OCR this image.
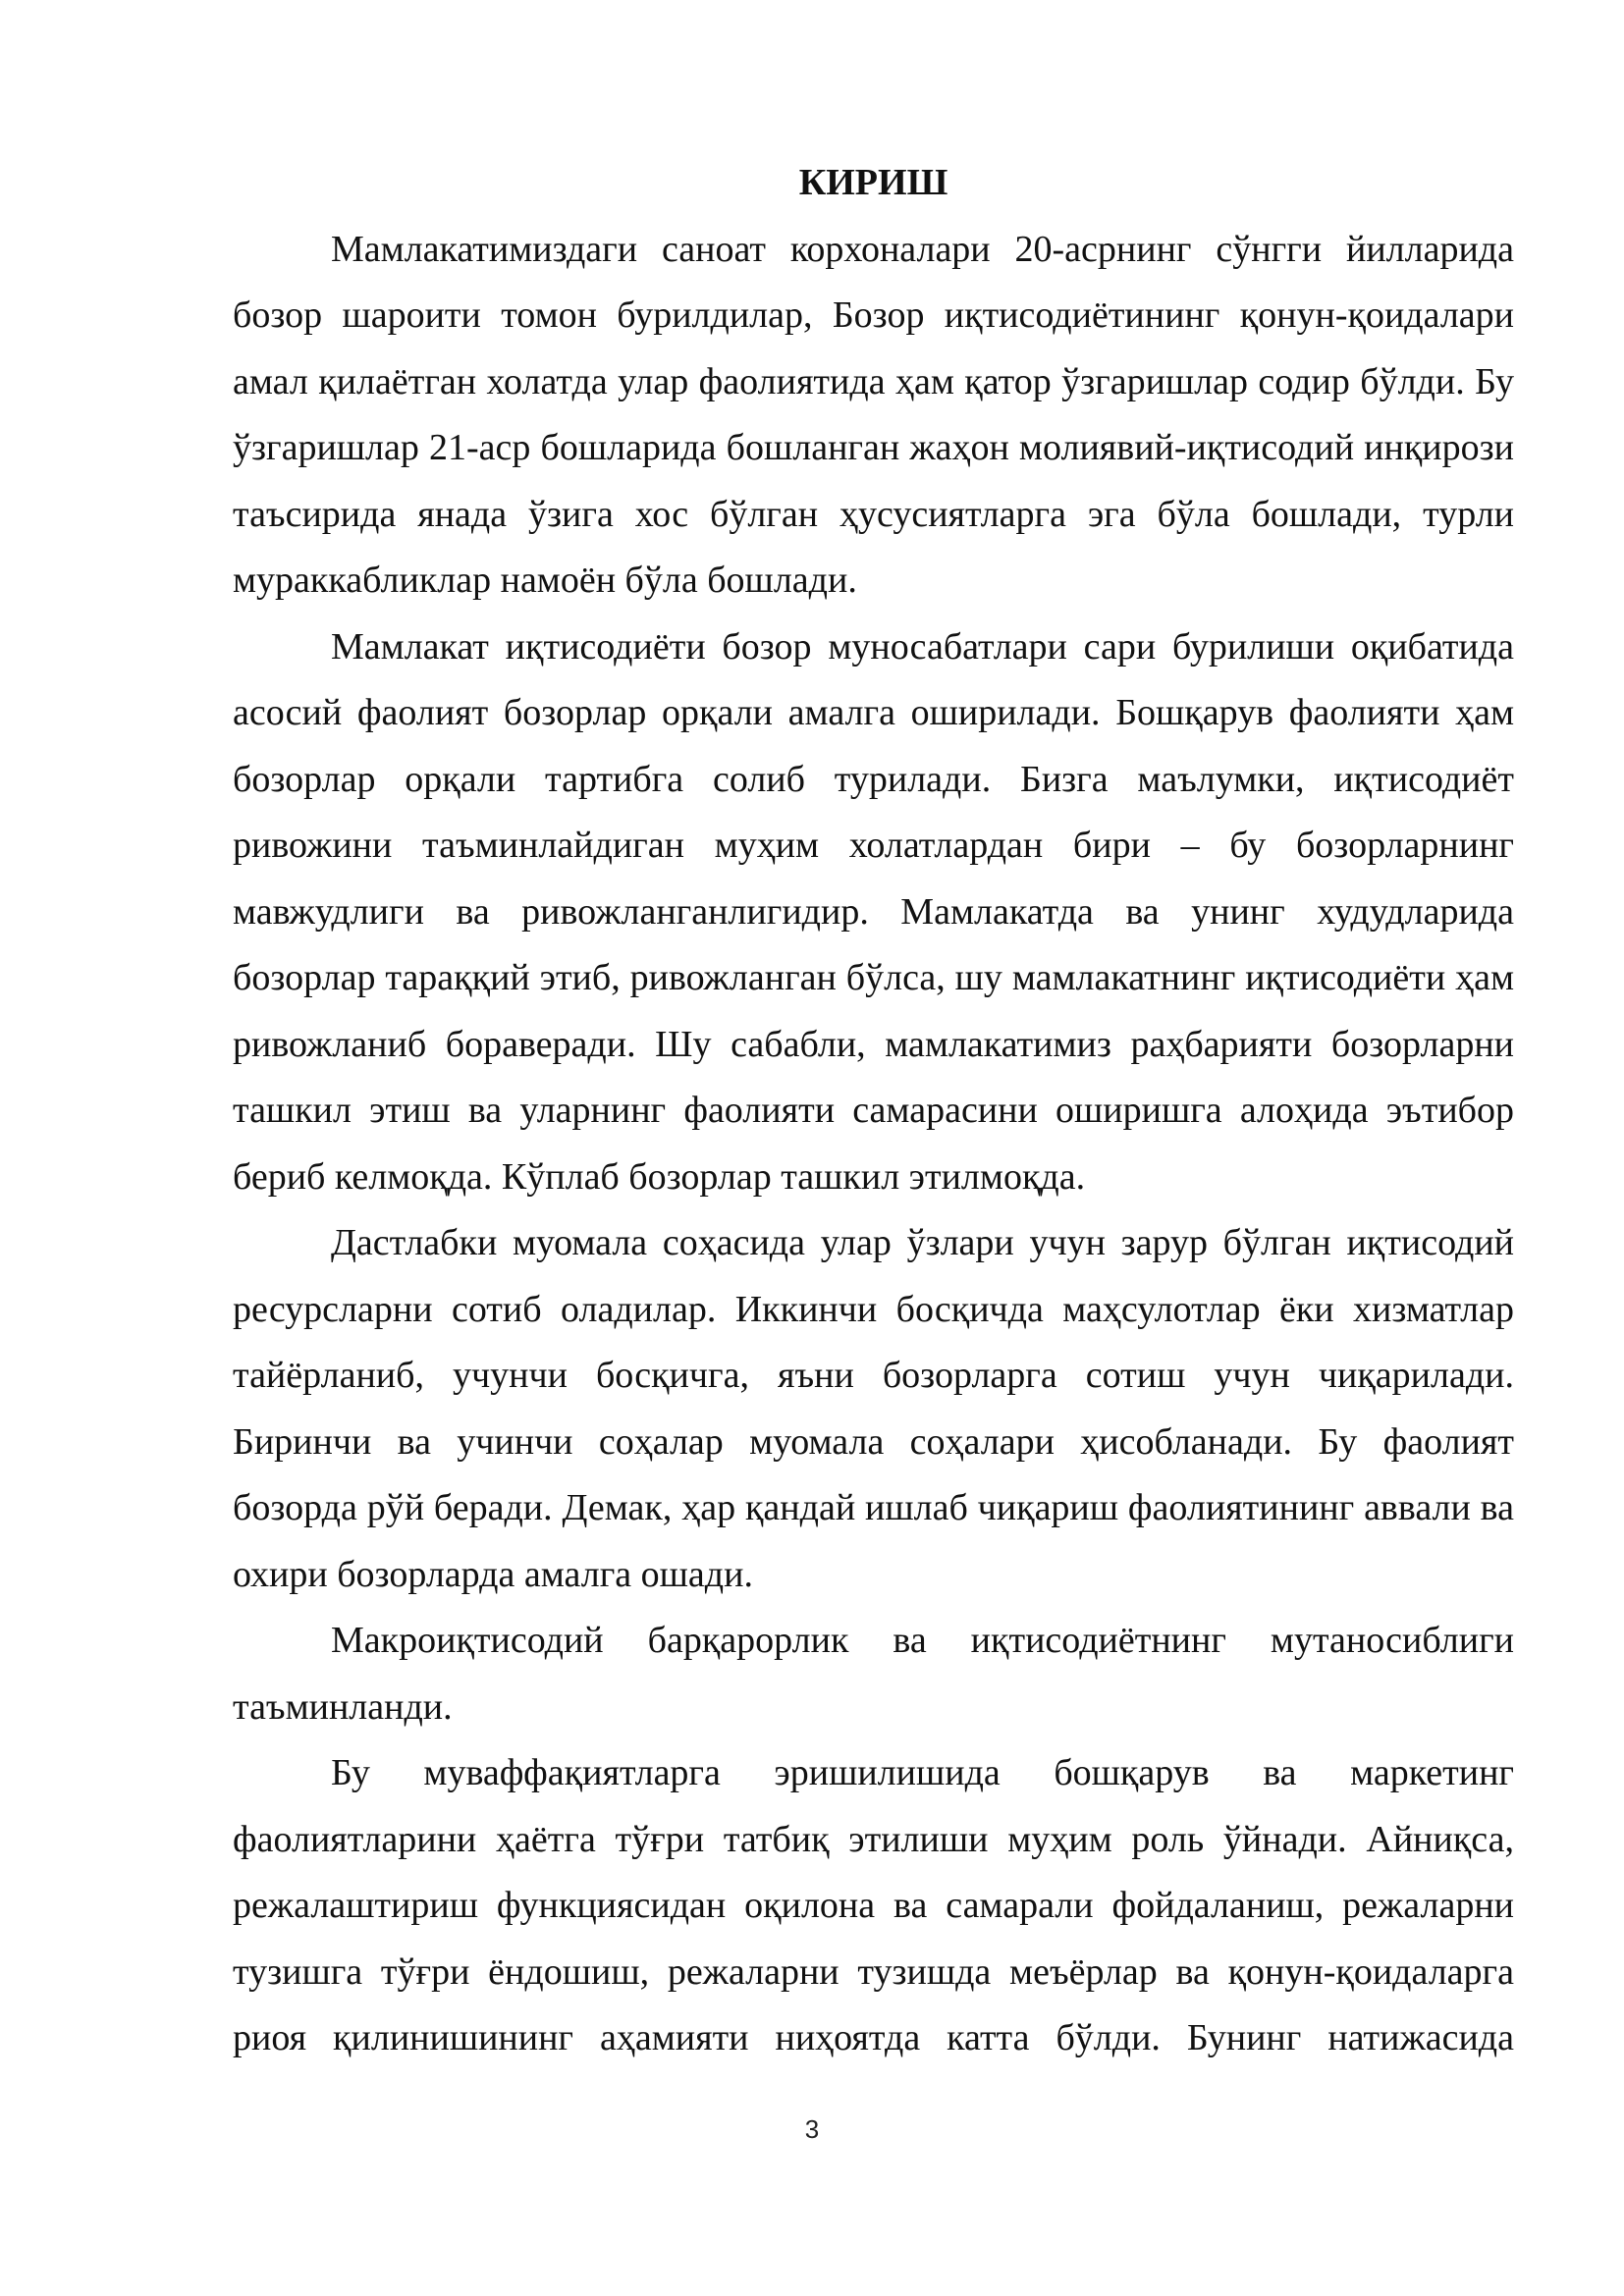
КИРИШ

Мамлакатимиздаги саноат корхоналари 20-асрнинг сўнгги йилларида бозор шароити томон бурилдилар, Бозор иқтисодиётининг қонун-қоидалари амал қилаётган холатда улар фаолиятида ҳам қатор ўзгаришлар содир бўлди. Бу ўзгаришлар 21-аср бошларида бошланган жаҳон молиявий-иқтисодий инқирози таъсирида янада ўзига хос бўлган ҳусусиятларга эга бўла бошлади, турли мураккабликлар намоён бўла бошлади.

Мамлакат иқтисодиёти бозор муносабатлари сари бурилиши оқибатида асосий фаолият бозорлар орқали амалга оширилади. Бошқарув фаолияти ҳам бозорлар орқали тартибга солиб турилади. Бизга маълумки, иқтисодиёт ривожини таъминлайдиган муҳим холатлардан бири – бу бозорларнинг мавжудлиги ва ривожланганлигидир. Мамлакатда ва унинг худудларида бозорлар тараққий этиб, ривожланган бўлса, шу мамлакатнинг иқтисодиёти ҳам ривожланиб бораверади. Шу сабабли, мамлакатимиз раҳбарияти бозорларни ташкил этиш ва уларнинг фаолияти самарасини оширишга алоҳида эътибор бериб келмоқда. Кўплаб бозорлар ташкил этилмоқда.

Дастлабки муомала соҳасида улар ўзлари учун зарур бўлган иқтисодий ресурсларни сотиб оладилар. Иккинчи босқичда маҳсулотлар ёки хизматлар тайёрланиб, учунчи босқичга, яъни бозорларга сотиш учун чиқарилади. Биринчи ва учинчи соҳалар муомала соҳалари ҳисобланади. Бу фаолият бозорда рўй беради. Демак, ҳар қандай ишлаб чиқариш фаолиятининг аввали ва охири бозорларда амалга ошади.

Макроиқтисодий барқарорлик ва иқтисодиётнинг мутаносиблиги таъминланди.

Бу муваффақиятларга эришилишида бошқарув ва маркетинг фаолиятларини ҳаётга тўғри татбиқ этилиши муҳим роль ўйнади. Айниқса, режалаштириш функциясидан оқилона ва самарали фойдаланиш, режаларни тузишга тўғри ёндошиш, режаларни тузишда меъёрлар ва қонун-қоидаларга риоя қилинишининг аҳамияти ниҳоятда катта бўлди. Бунинг натижасида

3
